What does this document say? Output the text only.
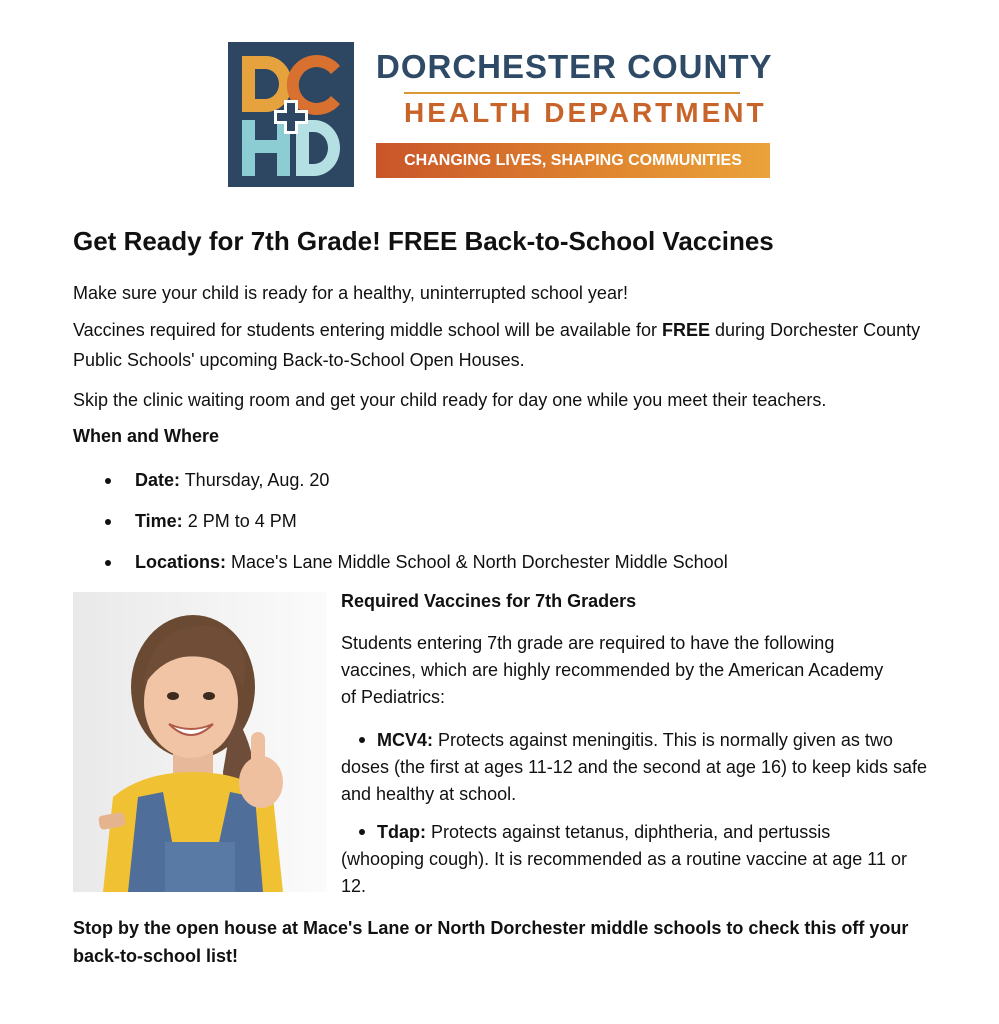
DORCHESTER COUNTY
HEALTH DEPARTMENT
CHANGING LIVES, SHAPING COMMUNITIES
Get Ready for 7th Grade! FREE Back-to-School Vaccines

Make sure your child is ready for a healthy, uninterrupted school year!

Vaccines required for students entering middle school will be available for FREE during Dorchester County Public Schools' upcoming Back-to-School Open Houses.

Skip the clinic waiting room and get your child ready for day one while you meet their teachers.

When and Where
Date: Thursday, Aug. 20
Time: 2 PM to 4 PM
Locations: Mace's Lane Middle School & North Dorchester Middle School
Required Vaccines for 7th Graders

Students entering 7th grade are required to have the following vaccines, which are highly recommended by the American Academy of Pediatrics:

MCV4: Protects against meningitis. This is normally given as two doses (the first at ages 11-12 and the second at age 16) to keep kids safe and healthy at school.

Tdap: Protects against tetanus, diphtheria, and pertussis (whooping cough). It is recommended as a routine vaccine at age 11 or 12.

Stop by the open house at Mace's Lane or North Dorchester middle schools to check this off your back-to-school list!
